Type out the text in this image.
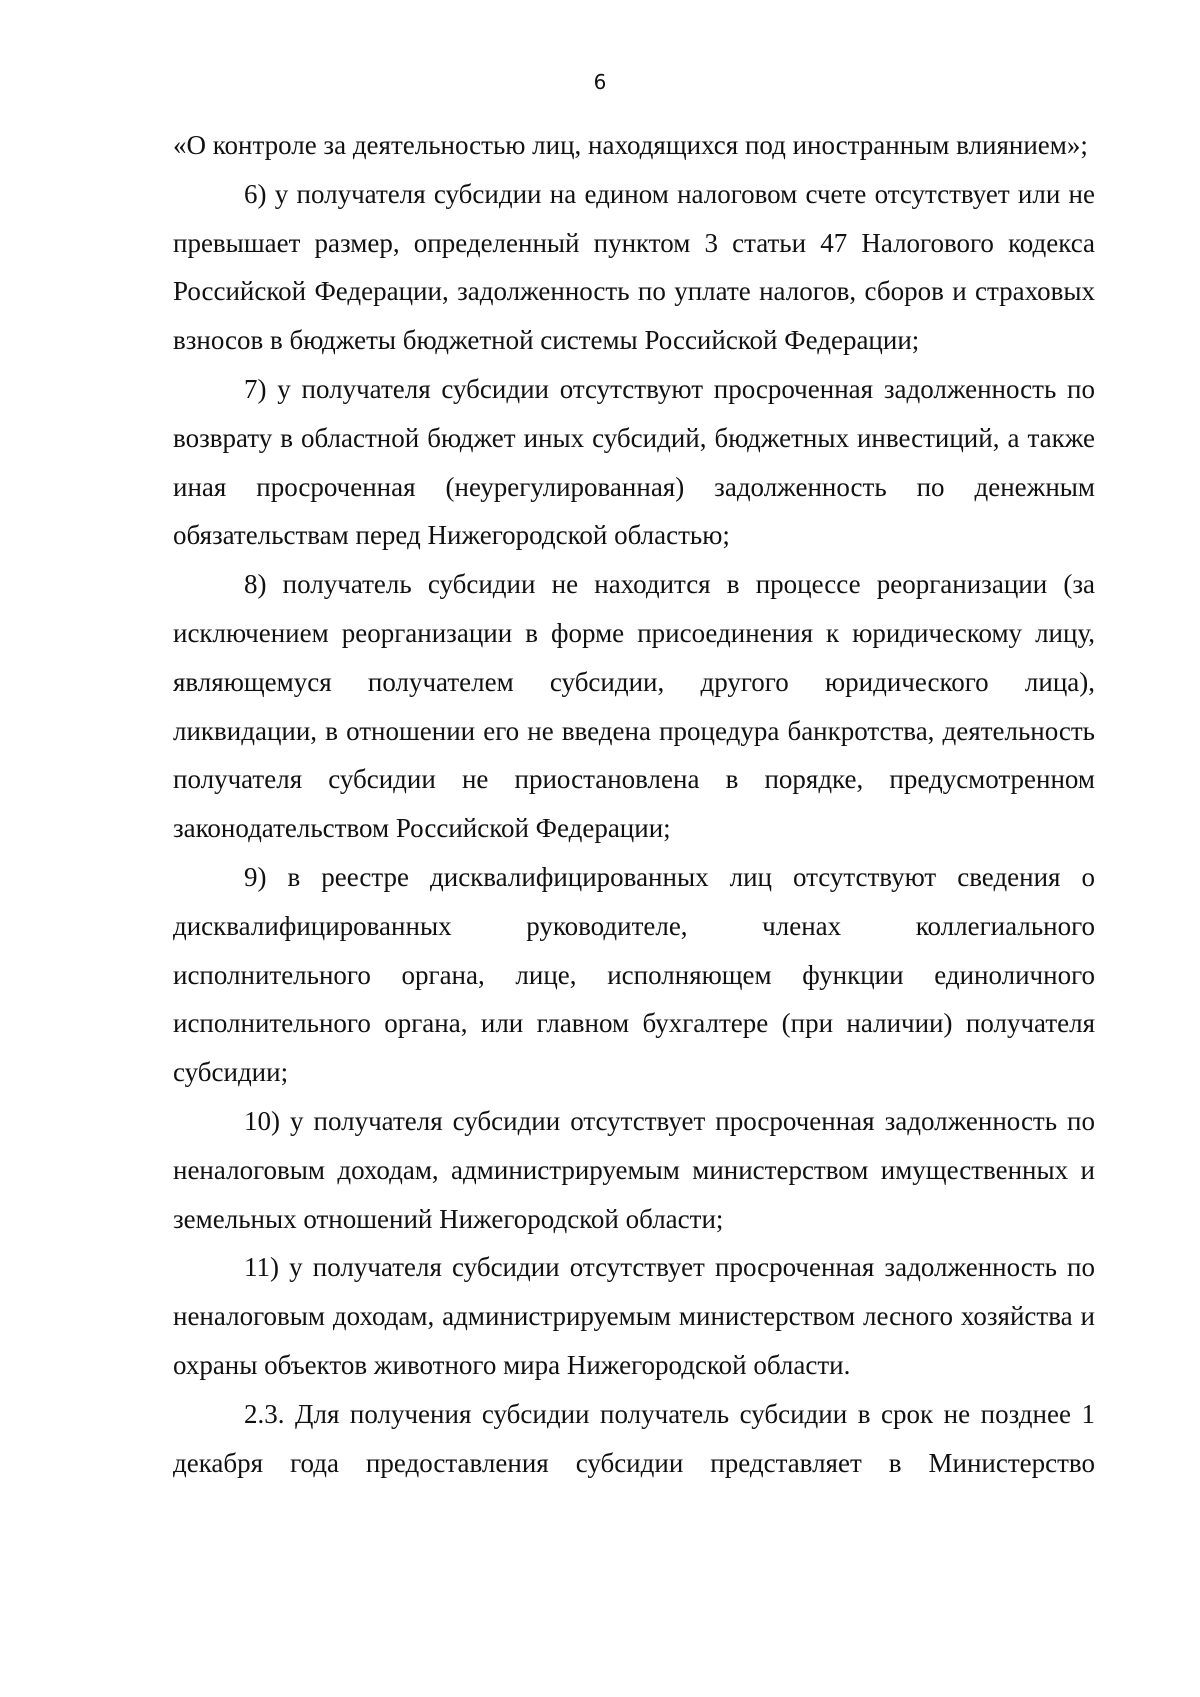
6

«О контроле за деятельностью лиц, находящихся под иностранным влиянием»;

6) у получателя субсидии на едином налоговом счете отсутствует или не превышает размер, определенный пунктом 3 статьи 47 Налогового кодекса Российской Федерации, задолженность по уплате налогов, сборов и страховых взносов в бюджеты бюджетной системы Российской Федерации;

7) у получателя субсидии отсутствуют просроченная задолженность по возврату в областной бюджет иных субсидий, бюджетных инвестиций, а также иная просроченная (неурегулированная) задолженность по денежным обязательствам перед Нижегородской областью;

8) получатель субсидии не находится в процессе реорганизации (за исключением реорганизации в форме присоединения к юридическому лицу, являющемуся получателем субсидии, другого юридического лица), ликвидации, в отношении его не введена процедура банкротства, деятельность получателя субсидии не приостановлена в порядке, предусмотренном законодательством Российской Федерации;

9) в реестре дисквалифицированных лиц отсутствуют сведения о дисквалифицированных руководителе, членах коллегиального исполнительного органа, лице, исполняющем функции единоличного исполнительного органа, или главном бухгалтере (при наличии) получателя субсидии;

10) у получателя субсидии отсутствует просроченная задолженность по неналоговым доходам, администрируемым министерством имущественных и земельных отношений Нижегородской области;

11) у получателя субсидии отсутствует просроченная задолженность по неналоговым доходам, администрируемым министерством лесного хозяйства и охраны объектов животного мира Нижегородской области.

2.3. Для получения субсидии получатель субсидии в срок не позднее 1 декабря года предоставления субсидии представляет в Министерство
